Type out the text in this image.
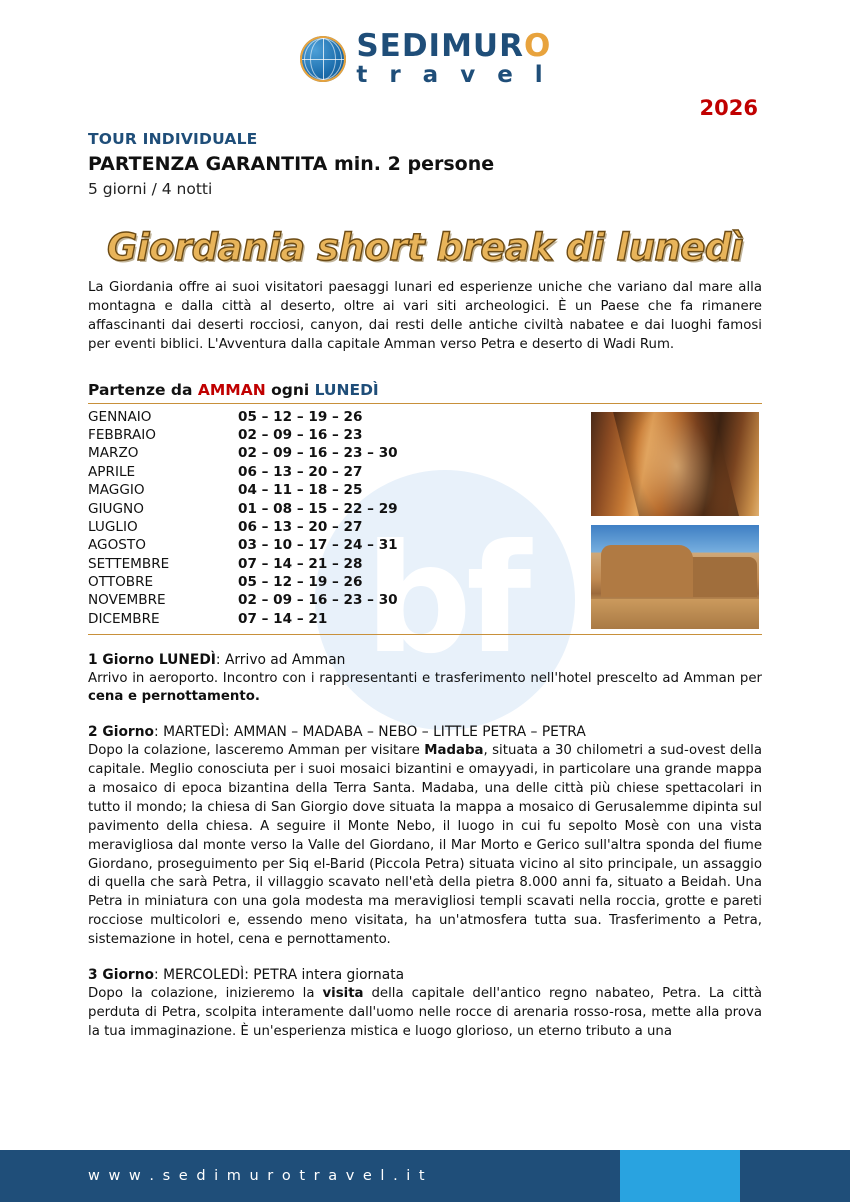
bf
SEDIMURO
t r a v e l
2026
TOUR INDIVIDUALE
PARTENZA GARANTITA min. 2 persone
5 giorni / 4 notti
Giordania short break di lunedì
La Giordania offre ai suoi visitatori paesaggi lunari ed esperienze uniche che variano dal mare alla montagna e dalla città al deserto, oltre ai vari siti archeologici. È un Paese che fa rimanere affascinanti dai deserti rocciosi, canyon, dai resti delle antiche civiltà nabatee e dai luoghi famosi per eventi biblici. L'Avventura dalla capitale Amman verso Petra e deserto di Wadi Rum.
Partenze da AMMAN ogni LUNEDÌ
GENNAIO	05 – 12 – 19 – 26
FEBBRAIO	02 – 09 – 16 – 23
MARZO	02 – 09 – 16 – 23 – 30
APRILE	06 – 13 – 20 – 27
MAGGIO	04 – 11 – 18 – 25
GIUGNO	01 – 08 – 15 – 22 – 29
LUGLIO	06 – 13 – 20 – 27
AGOSTO	03 – 10 – 17 – 24 – 31
SETTEMBRE	07 – 14 – 21 – 28
OTTOBRE	05 – 12 – 19 – 26
NOVEMBRE	02 – 09 – 16 – 23 – 30
DICEMBRE	07 – 14 – 21
1 Giorno LUNEDÌ: Arrivo ad Amman
Arrivo in aeroporto. Incontro con i rappresentanti e trasferimento nell'hotel prescelto ad Amman per cena e pernottamento.
2 Giorno: MARTEDÌ: AMMAN – MADABA – NEBO – LITTLE PETRA – PETRA
Dopo la colazione, lasceremo Amman per visitare Madaba, situata a 30 chilometri a sud-ovest della capitale. Meglio conosciuta per i suoi mosaici bizantini e omayyadi, in particolare una grande mappa a mosaico di epoca bizantina della Terra Santa. Madaba, una delle città più chiese spettacolari in tutto il mondo; la chiesa di San Giorgio dove situata la mappa a mosaico di Gerusalemme dipinta sul pavimento della chiesa. A seguire il Monte Nebo, il luogo in cui fu sepolto Mosè con una vista meravigliosa dal monte verso la Valle del Giordano, il Mar Morto e Gerico sull'altra sponda del fiume Giordano, proseguimento per Siq el-Barid (Piccola Petra) situata vicino al sito principale, un assaggio di quella che sarà Petra, il villaggio scavato nell'età della pietra 8.000 anni fa, situato a Beidah. Una Petra in miniatura con una gola modesta ma meravigliosi templi scavati nella roccia, grotte e pareti rocciose multicolori e, essendo meno visitata, ha un'atmosfera tutta sua. Trasferimento a Petra, sistemazione in hotel, cena e pernottamento.
3 Giorno: MERCOLEDÌ: PETRA intera giornata
Dopo la colazione, inizieremo la visita della capitale dell'antico regno nabateo, Petra. La città perduta di Petra, scolpita interamente dall'uomo nelle rocce di arenaria rosso-rosa, mette alla prova la tua immaginazione. È un'esperienza mistica e luogo glorioso, un eterno tributo a una
w w w . s e d i m u r o t r a v e l . i t
